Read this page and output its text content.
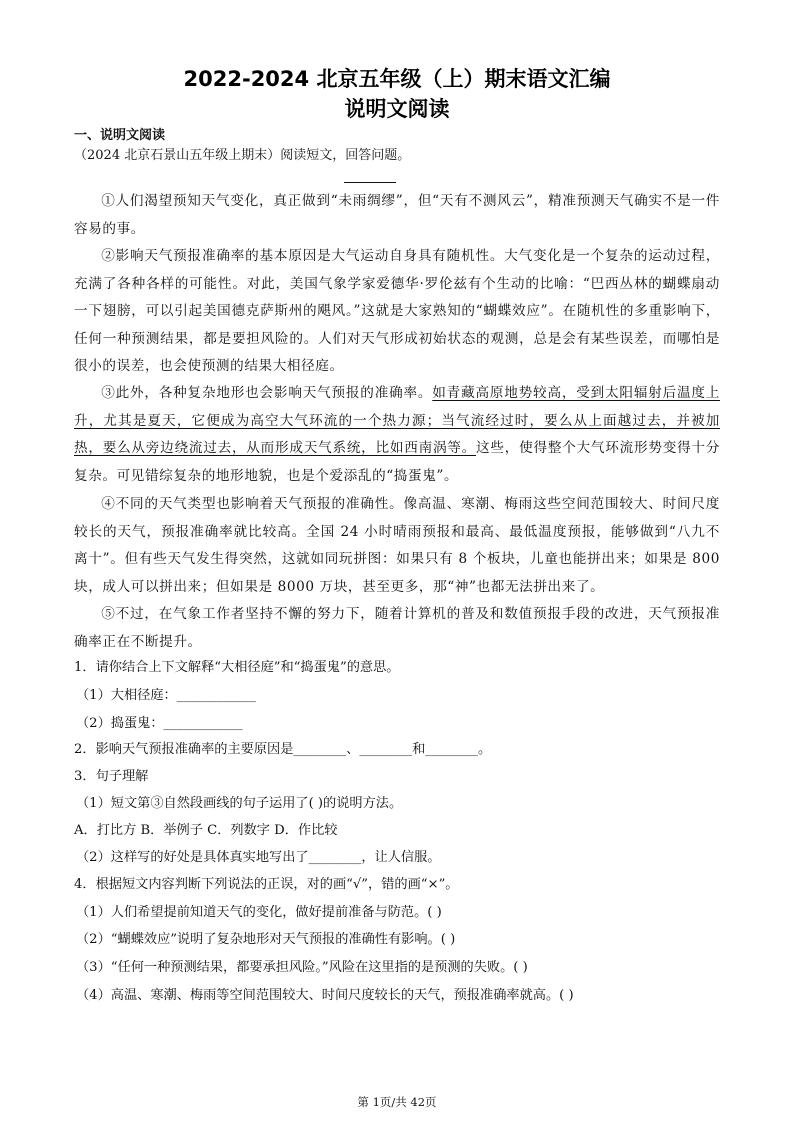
2022-2024 北京五年级（上）期末语文汇编
说明文阅读
一、说明文阅读
（2024 北京石景山五年级上期末）阅读短文，回答问题。
①人们渴望预知天气变化，真正做到“未雨绸缪”，但“天有不测风云”，精准预测天气确实不是一件容易的事。
②影响天气预报准确率的基本原因是大气运动自身具有随机性。大气变化是一个复杂的运动过程，充满了各种各样的可能性。对此，美国气象学家爱德华·罗伦兹有个生动的比喻：“巴西丛林的蝴蝶扇动一下翅膀，可以引起美国德克萨斯州的飓风。”这就是大家熟知的“蝴蝶效应”。在随机性的多重影响下，任何一种预测结果，都是要担风险的。人们对天气形成初始状态的观测，总是会有某些误差，而哪怕是很小的误差，也会使预测的结果大相径庭。
③此外，各种复杂地形也会影响天气预报的准确率。如青藏高原地势较高，受到太阳辐射后温度上升，尤其是夏天，它便成为高空大气环流的一个热力源；当气流经过时，要么从上面越过去，并被加热，要么从旁边绕流过去，从而形成天气系统，比如西南涡等。这些，使得整个大气环流形势变得十分复杂。可见错综复杂的地形地貌，也是个爱添乱的“捣蛋鬼”。
④不同的天气类型也影响着天气预报的准确性。像高温、寒潮、梅雨这些空间范围较大、时间尺度较长的天气，预报准确率就比较高。全国 24 小时晴雨预报和最高、最低温度预报，能够做到“八九不离十”。但有些天气发生得突然，这就如同玩拼图：如果只有 8 个板块，儿童也能拼出来；如果是 800 块，成人可以拼出来；但如果是 8000 万块，甚至更多，那“神”也都无法拼出来了。
⑤不过，在气象工作者坚持不懈的努力下，随着计算机的普及和数值预报手段的改进，天气预报准确率正在不断提升。
1．请你结合上下文解释“大相径庭”和“捣蛋鬼”的意思。
（1）大相径庭：____________
（2）捣蛋鬼：____________
2．影响天气预报准确率的主要原因是________、________和________。
3．句子理解
（1）短文第③自然段画线的句子运用了( )的说明方法。
A．打比方 B．举例子 C．列数字 D．作比较
（2）这样写的好处是具体真实地写出了________，让人信服。
4．根据短文内容判断下列说法的正误，对的画“√”，错的画“×”。
（1）人们希望提前知道天气的变化，做好提前准备与防范。( )
（2）“蝴蝶效应”说明了复杂地形对天气预报的准确性有影响。( )
（3）“任何一种预测结果，都要承担风险。”风险在这里指的是预测的失败。( )
（4）高温、寒潮、梅雨等空间范围较大、时间尺度较长的天气，预报准确率就高。( )
第 1页/共 42页
